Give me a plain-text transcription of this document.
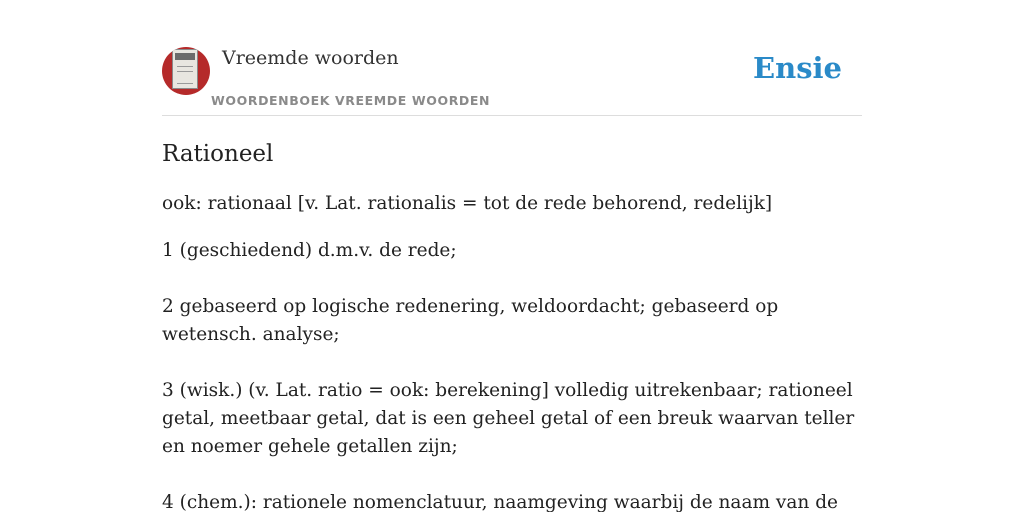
Vreemde woorden
WOORDENBOEK VREEMDE WOORDEN
Ensie
Rationeel

ook: rationaal [v. Lat. rationalis = tot de rede behorend, redelijk]

1 (geschiedend) d.m.v. de rede;

2 gebaseerd op logische redenering, weldoordacht; gebaseerd op wetensch. analyse;

3 (wisk.) (v. Lat. ratio = ook: berekening] volledig uitrekenbaar; rationeel getal, meetbaar getal, dat is een geheel getal of een breuk waarvan teller en noemer gehele getallen zijn;

4 (chem.): rationele nomenclatuur, naamgeving waarbij de naam van de
